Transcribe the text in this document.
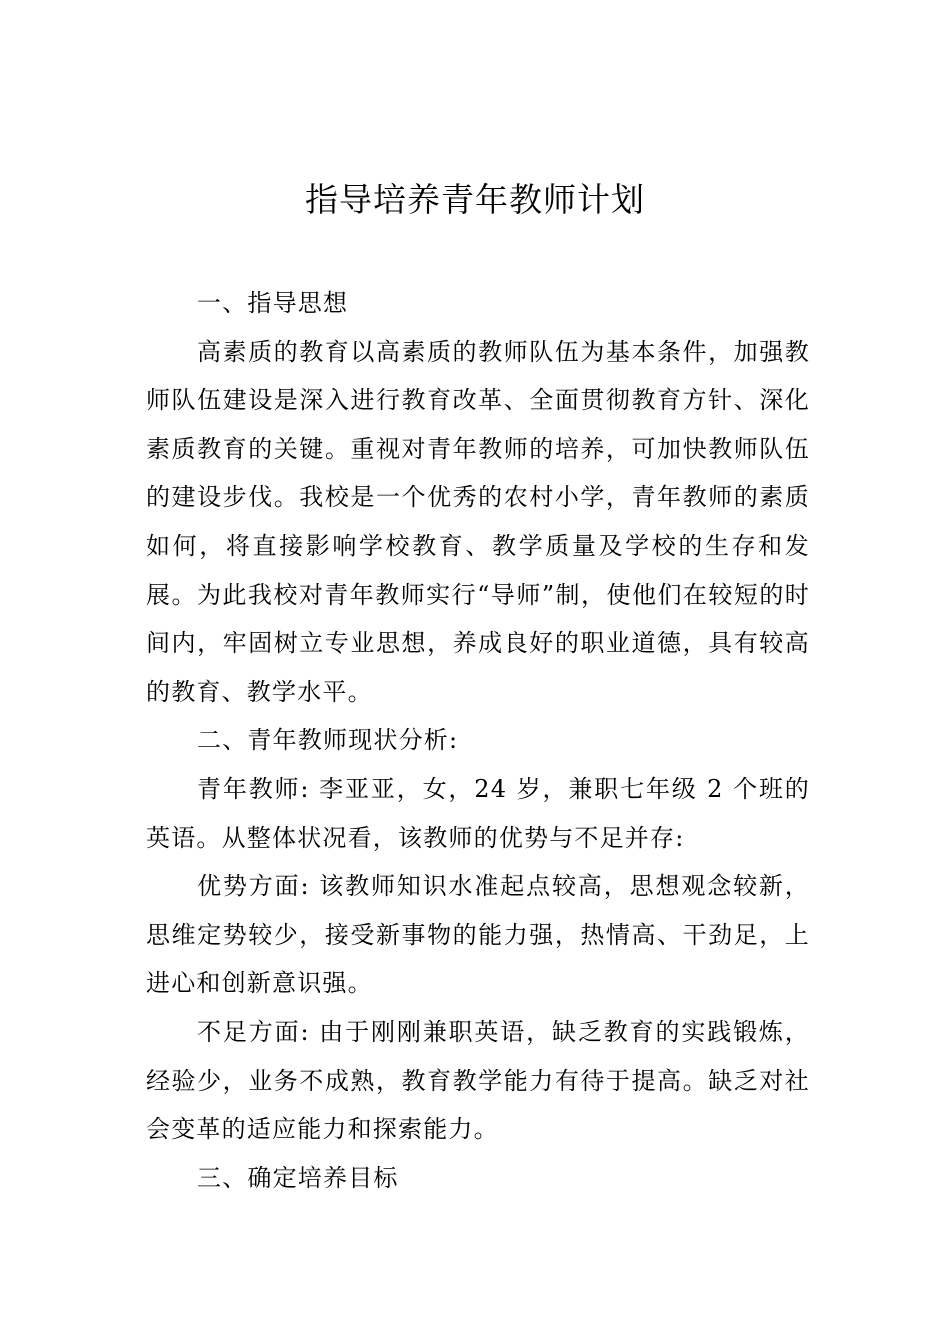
指导培养青年教师计划

一、指导思想

高素质的教育以高素质的教师队伍为基本条件，加强教师队伍建设是深入进行教育改革、全面贯彻教育方针、深化素质教育的关键。重视对青年教师的培养，可加快教师队伍的建设步伐。我校是一个优秀的农村小学，青年教师的素质如何，将直接影响学校教育、教学质量及学校的生存和发展。为此我校对青年教师实行“导师”制，使他们在较短的时间内，牢固树立专业思想，养成良好的职业道德，具有较高的教育、教学水平。

二、青年教师现状分析:

青年教师: 李亚亚，女，24 岁，兼职七年级 2 个班的英语。从整体状况看，该教师的优势与不足并存:

优势方面: 该教师知识水准起点较高，思想观念较新，思维定势较少，接受新事物的能力强，热情高、干劲足，上进心和创新意识强。

不足方面: 由于刚刚兼职英语，缺乏教育的实践锻炼，经验少，业务不成熟，教育教学能力有待于提高。缺乏对社会变革的适应能力和探索能力。

三、确定培养目标
